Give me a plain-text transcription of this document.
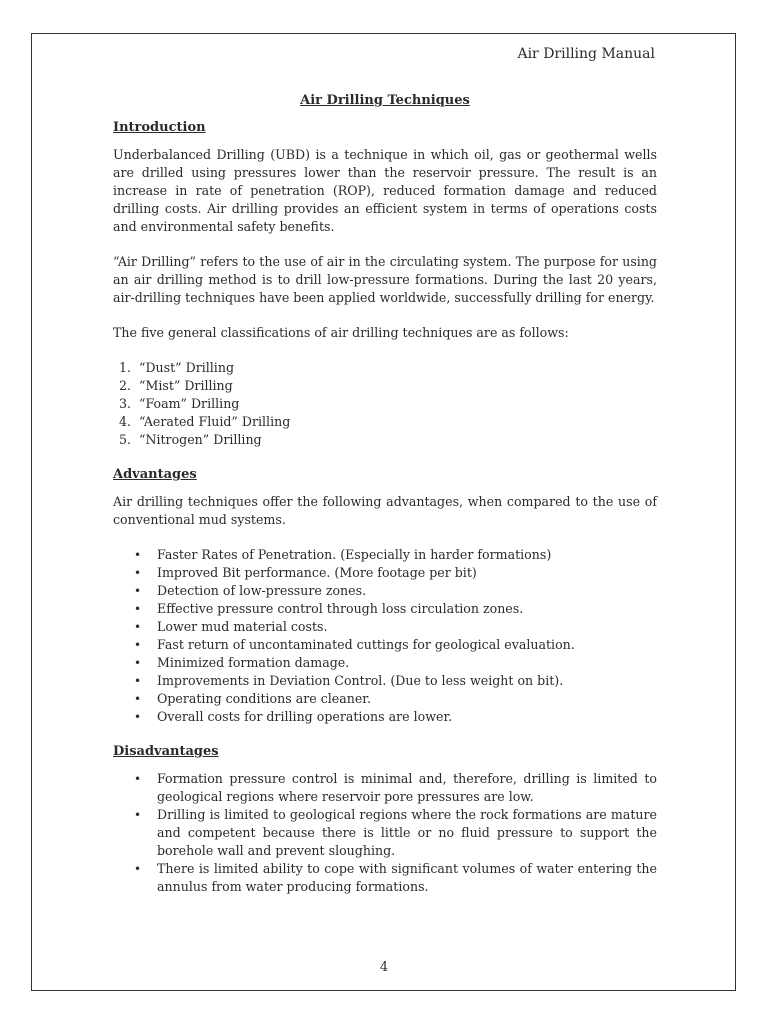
Air Drilling Manual
Air Drilling Techniques
Introduction

Underbalanced Drilling (UBD) is a technique in which oil, gas or geothermal wells are drilled using pressures lower than the reservoir pressure. The result is an increase in rate of penetration (ROP), reduced formation damage and reduced drilling costs. Air drilling provides an efficient system in terms of operations costs and environmental safety benefits.

“Air Drilling” refers to the use of air in the circulating system. The purpose for using an air drilling method is to drill low-pressure formations. During the last 20 years, air-drilling techniques have been applied worldwide, successfully drilling for energy.

The five general classifications of air drilling techniques are as follows:

1. “Dust” Drilling
2. “Mist” Drilling
3. “Foam” Drilling
4. “Aerated Fluid” Drilling
5. “Nitrogen” Drilling
Advantages

Air drilling techniques offer the following advantages, when compared to the use of conventional mud systems.

• Faster Rates of Penetration. (Especially in harder formations)
• Improved Bit performance. (More footage per bit)
• Detection of low-pressure zones.
• Effective pressure control through loss circulation zones.
• Lower mud material costs.
• Fast return of uncontaminated cuttings for geological evaluation.
• Minimized formation damage.
• Improvements in Deviation Control. (Due to less weight on bit).
• Operating conditions are cleaner.
• Overall costs for drilling operations are lower.
Disadvantages
• Formation pressure control is minimal and, therefore, drilling is limited to geological regions where reservoir pore pressures are low.
• Drilling is limited to geological regions where the rock formations are mature and competent because there is little or no fluid pressure to support the borehole wall and prevent sloughing.
• There is limited ability to cope with significant volumes of water entering the annulus from water producing formations.
4
